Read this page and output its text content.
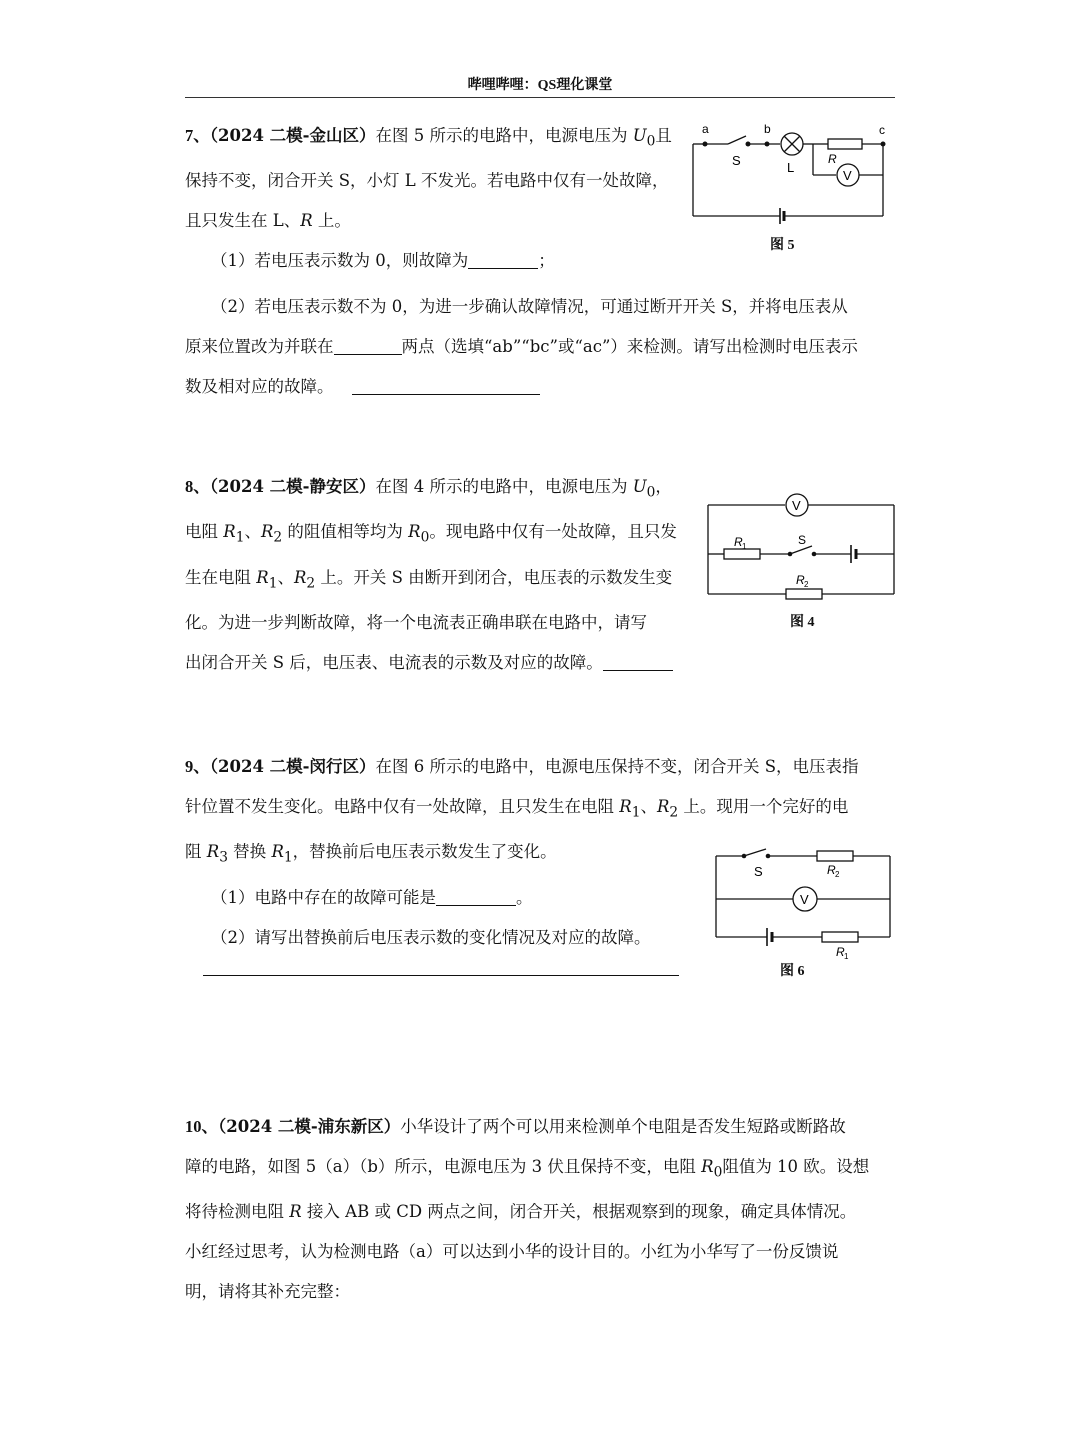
哔哩哔哩：QS理化课堂
7、（2024 二模-金山区）在图 5 所示的电路中，电源电压为 $U_0$且
保持不变，闭合开关 S，小灯 L 不发光。若电路中仅有一处故障，
且只发生在 L、R 上。
（1）若电压表示数为 0，则故障为	；
（2）若电压表示数不为 0，为进一步确认故障情况，可通过断开开关 S，并将电压表从
原来位置改为并联在	两点（选填“ab”“bc”或“ac”）来检测。请写出检测时电压表示
数及相对应的故障。
a	b	c
S	L
R
V
图 5
8、（2024 二模-静安区）在图 4 所示的电路中，电源电压为 $U_0$，
电阻 $R_1$、$R_2$ 的阻值相等均为 $R_0$。现电路中仅有一处故障，且只发
生在电阻 $R_1$、$R_2$ 上。开关 S 由断开到闭合，电压表的示数发生变
化。为进一步判断故障，将一个电流表正确串联在电路中，请写
出闭合开关 S 后，电压表、电流表的示数及对应的故障。
V
R 1	S
R 2
图 4
9、（2024 二模-闵行区）在图 6 所示的电路中，电源电压保持不变，闭合开关 S，电压表指
针位置不发生变化。电路中仅有一处故障，且只发生在电阻 $R_1$、$R_2$ 上。现用一个完好的电
阻 $R_3$ 替换 $R_1$，替换前后电压表示数发生了变化。
（1）电路中存在的故障可能是	。
（2）请写出替换前后电压表示数的变化情况及对应的故障。
S	R 2
V
R 1
图 6
10、（2024 二模-浦东新区）小华设计了两个可以用来检测单个电阻是否发生短路或断路故
障的电路，如图 5（a）（b）所示，电源电压为 3 伏且保持不变，电阻 $R_0$阻值为 10 欧。设想
将待检测电阻 R 接入 AB 或 CD 两点之间，闭合开关，根据观察到的现象，确定具体情况。
小红经过思考，认为检测电路（a）可以达到小华的设计目的。小红为小华写了一份反馈说
明，请将其补充完整：
